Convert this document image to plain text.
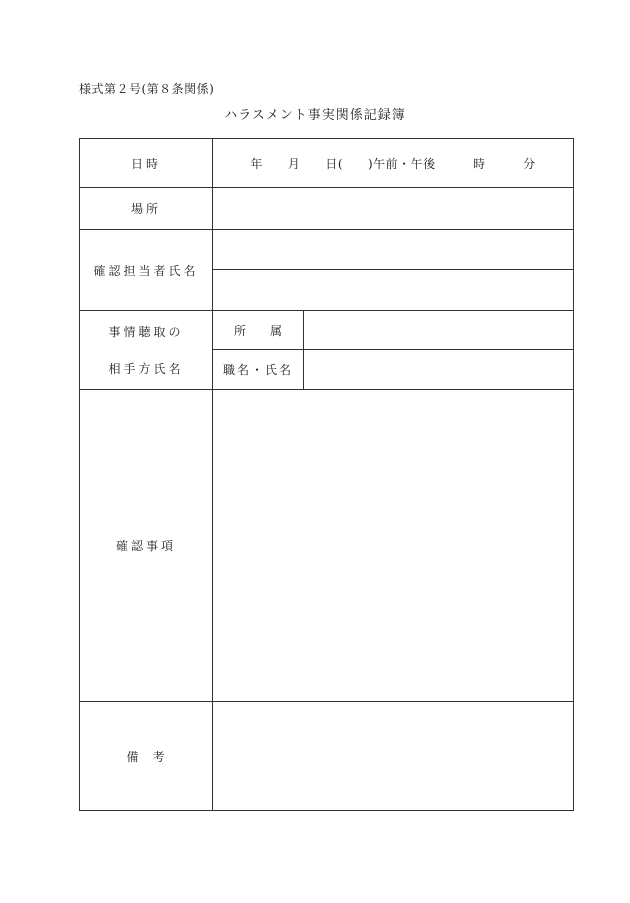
様式第２号(第８条関係)
ハラスメント事実関係記録簿
日時	年　　月　　日(　　)午前・午後　　　時　　　分	
場所		
確認担当者氏名		

事情聴取の
相手方氏名	所　　属	
	職名・氏名	
確認事項		
備　考		
